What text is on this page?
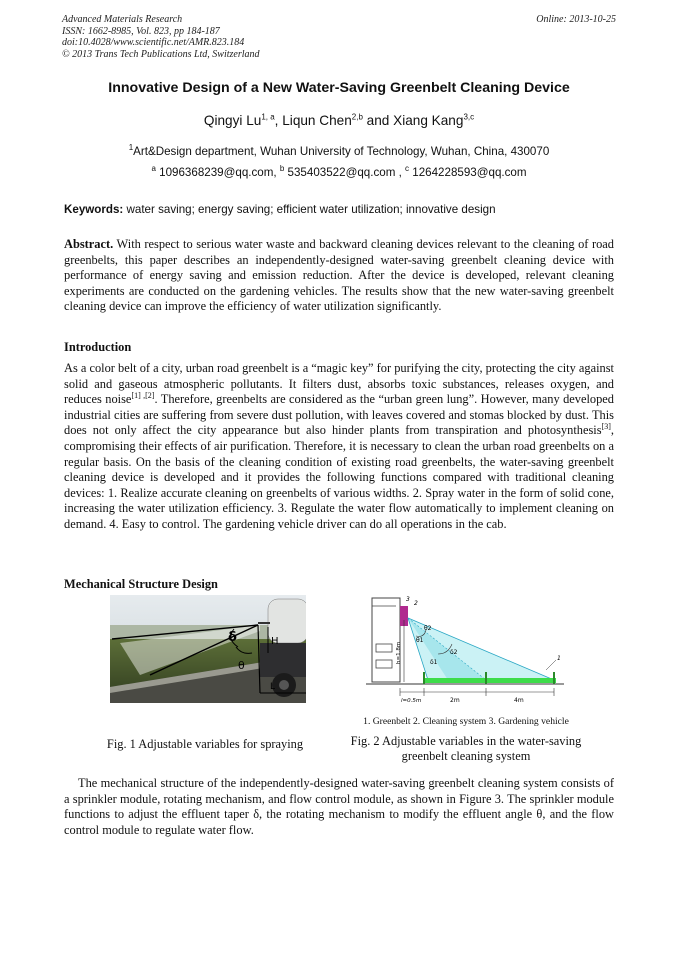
Advanced Materials Research
ISSN: 1662-8985, Vol. 823, pp 184-187
doi:10.4028/www.scientific.net/AMR.823.184
© 2013 Trans Tech Publications Ltd, Switzerland
Online: 2013-10-25
Innovative Design of a New Water-Saving Greenbelt Cleaning Device
Qingyi Lu$^{1, a}$, Liqun Chen$^{2,b}$ and Xiang Kang$^{3,c}$
$^1$Art&Design department, Wuhan University of Technology, Wuhan, China, 430070
$^a$ 1096368239@qq.com, $^b$ 535403522@qq.com , $^c$ 1264228593@qq.com
Keywords: water saving; energy saving; efficient water utilization; innovative design
Abstract. With respect to serious water waste and backward cleaning devices relevant to the cleaning of road greenbelts, this paper describes an independently-designed water-saving greenbelt cleaning device with performance of energy saving and emission reduction. After the device is developed, relevant cleaning experiments are conducted on the gardening vehicles. The results show that the new water-saving greenbelt cleaning device can improve the efficiency of water utilization significantly.
Introduction
As a color belt of a city, urban road greenbelt is a “magic key” for purifying the city, protecting the city against solid and gaseous atmospheric pollutants. It filters dust, absorbs toxic substances, releases oxygen, and reduces noise[1] ,[2]. Therefore, greenbelts are considered as the “urban green lung”. However, many developed industrial cities are suffering from severe dust pollution, with leaves covered and stomas blocked by dust. This does not only affect the city appearance but also hinder plants from transpiration and photosynthesis[3], compromising their effects of air purification. Therefore, it is necessary to clean the urban road greenbelts on a regular basis. On the basis of the cleaning condition of existing road greenbelts, the water-saving greenbelt cleaning device is developed and it provides the following functions compared with traditional cleaning devices: 1. Realize accurate cleaning on greenbelts of various widths. 2. Spray water in the form of solid cone, increasing the water utilization efficiency. 3. Regulate the water flow automatically to implement cleaning on demand. 4. Easy to control. The gardening vehicle driver can do all operations in the cab.
Mechanical Structure Design
δ
θ
H
L
3
2
1
θ1
θ2
δ1
δ2
h=1.8m
l=0.5m	2m	4m
1. Greenbelt 2. Cleaning system 3. Gardening vehicle
Fig. 1 Adjustable variables for spraying	Fig. 2 Adjustable variables in the water-saving greenbelt cleaning system
The mechanical structure of the independently-designed water-saving greenbelt cleaning system consists of a sprinkler module, rotating mechanism, and flow control module, as shown in Figure 3. The sprinkler module functions to adjust the effluent taper δ, the rotating mechanism to modify the effluent angle θ, and the flow control module to regulate water flow.
